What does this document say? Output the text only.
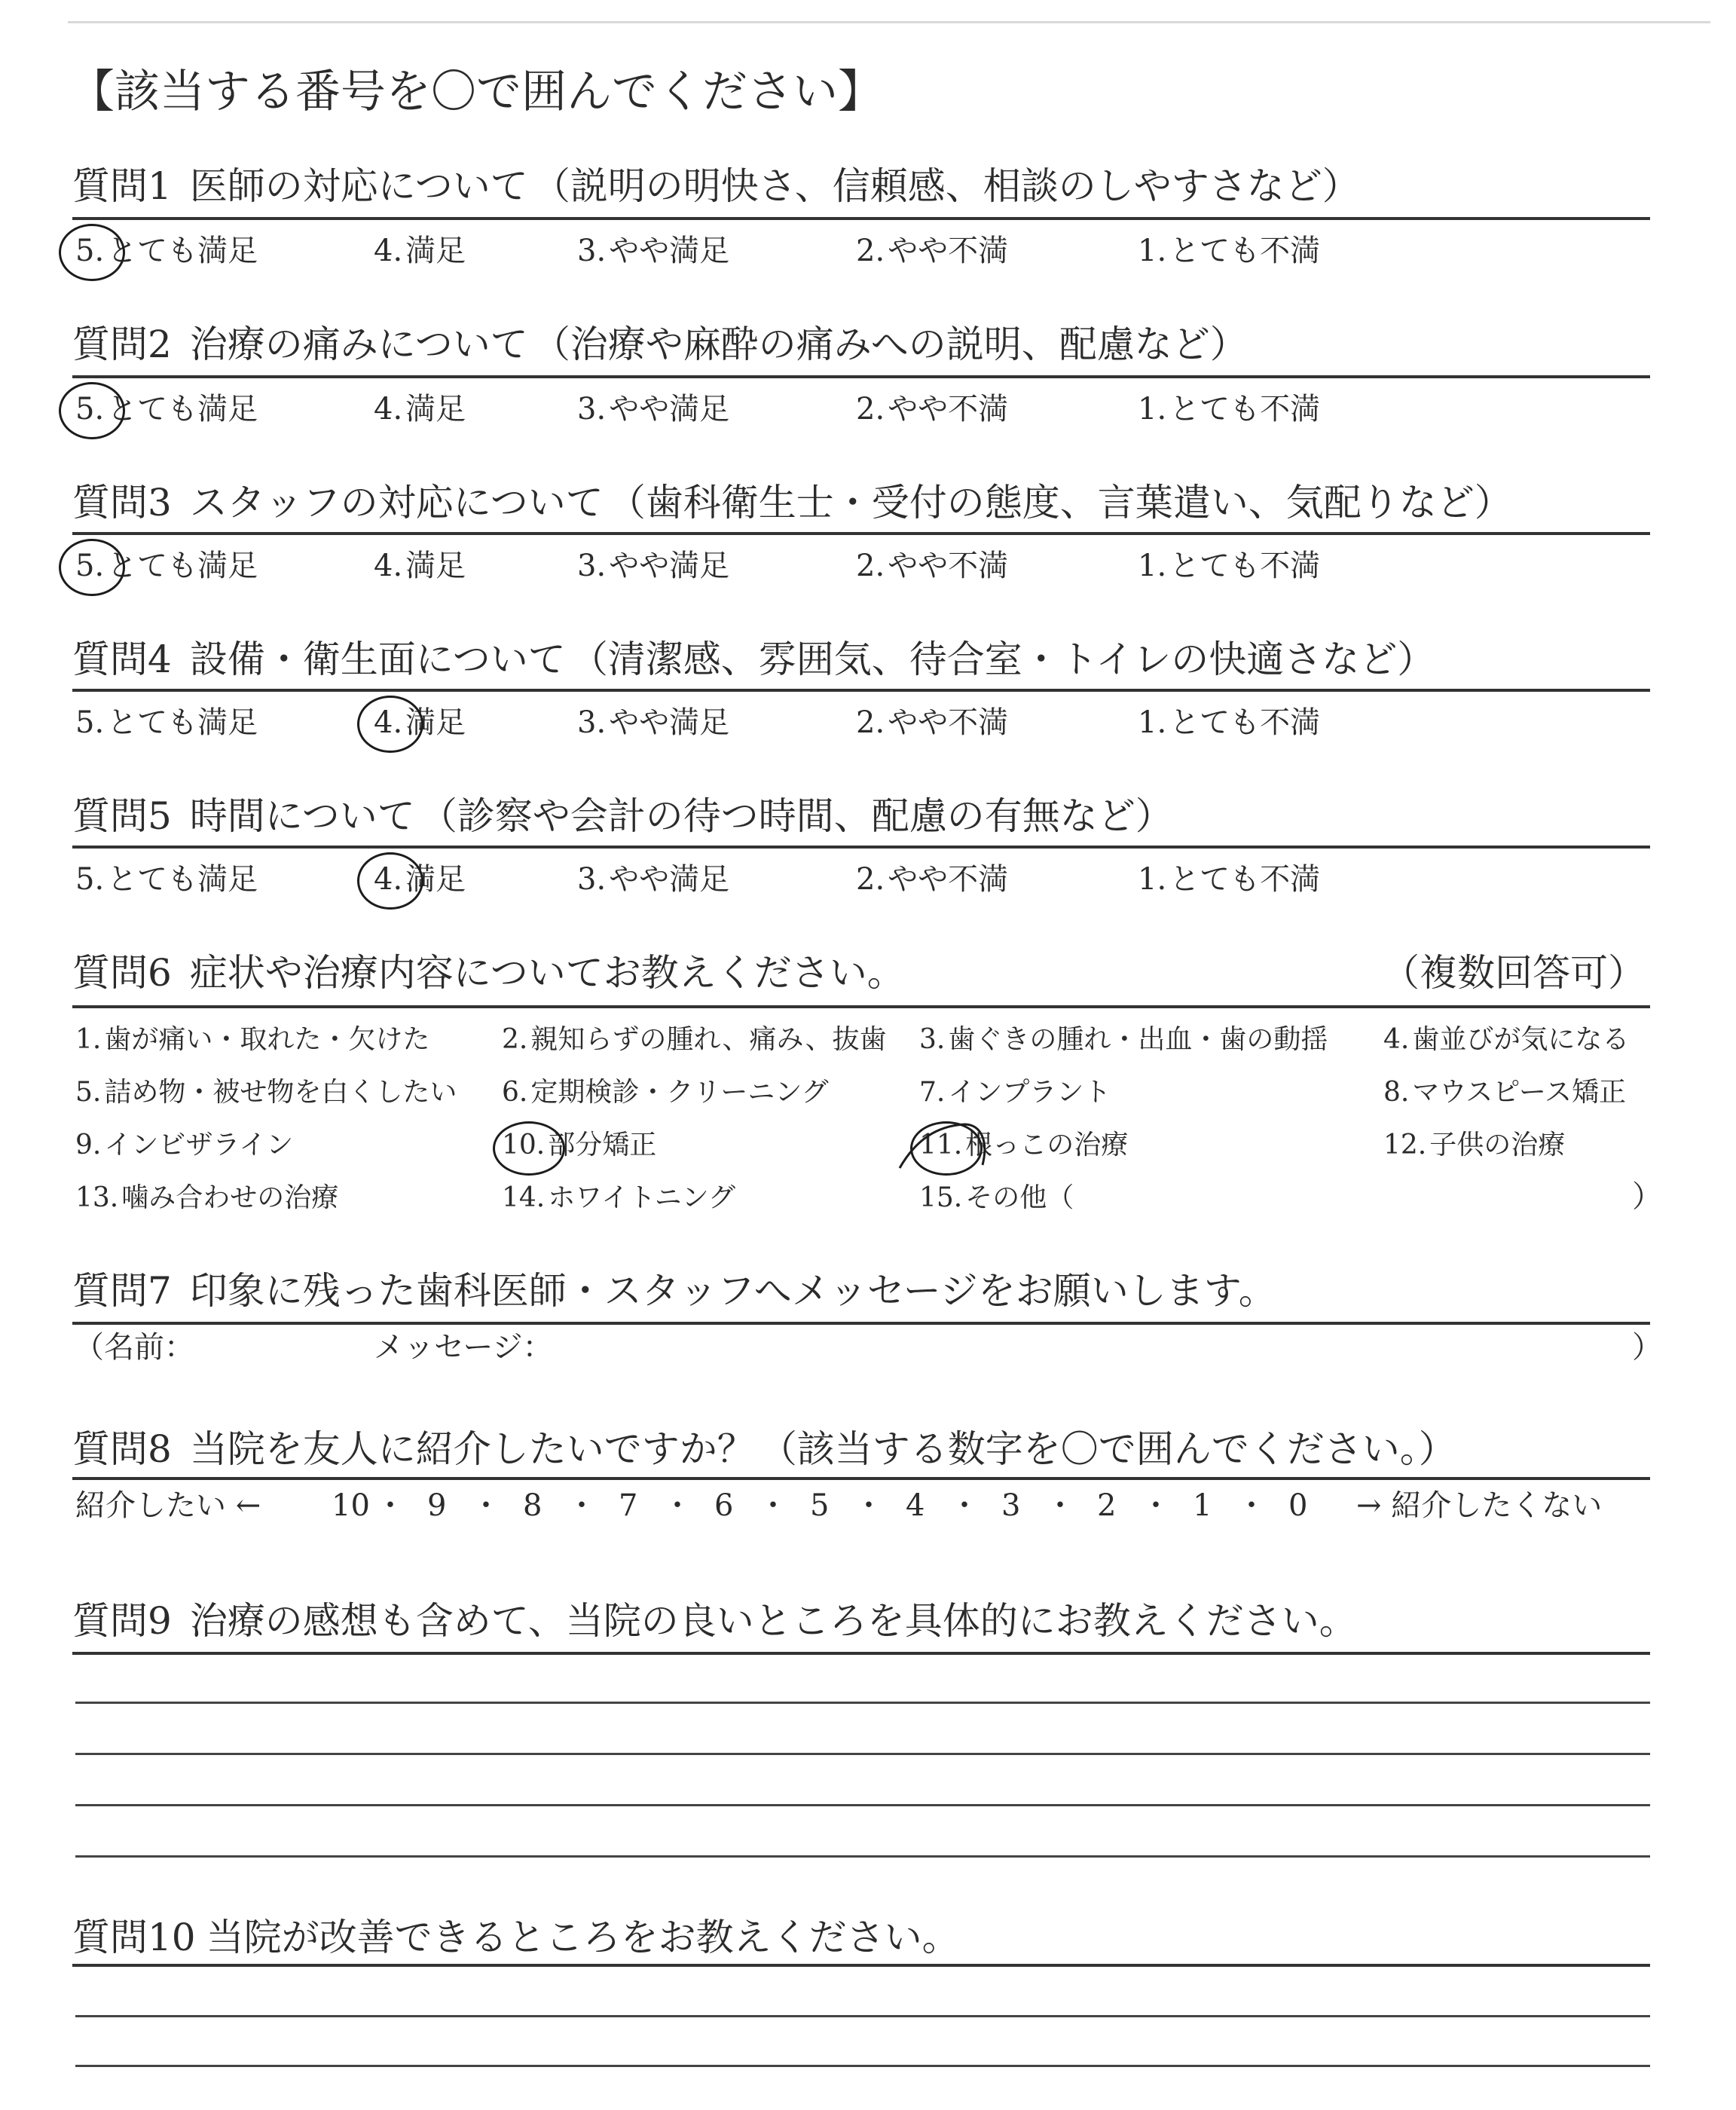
【該当する番号を〇で囲んでください】
質問1 医師の対応について （説明の明快さ、信頼感、相談のしやすさなど）
5. とても満足	4. 満足	3. やや満足	2. やや不満	1. とても不満
質問2 治療の痛みについて （治療や麻酔の痛みへの説明、配慮など）
5. とても満足	4. 満足	3. やや満足	2. やや不満	1. とても不満
質問3 スタッフの対応について （歯科衛生士・受付の態度、言葉遣い、気配りなど）
5. とても満足	4. 満足	3. やや満足	2. やや不満	1. とても不満
質問4 設備・衛生面について （清潔感、雰囲気、待合室・トイレの快適さなど）
5. とても満足	4. 満足	3. やや満足	2. やや不満	1. とても不満
質問5 時間について （診察や会計の待つ時間、配慮の有無など）
5. とても満足	4. 満足	3. やや満足	2. やや不満	1. とても不満
質問6 症状や治療内容についてお教えください。	（複数回答可）
1. 歯が痛い・取れた・欠けた	2. 親知らずの腫れ、痛み、抜歯 3. 歯ぐきの腫れ・出血・歯の動揺 4. 歯並びが気になる
5. 詰め物・被せ物を白くしたい 6. 定期検診・クリーニング	7. インプラント	8. マウスピース矯正
9. インビザライン	10. 部分矯正	11. 根っこの治療	12. 子供の治療
13. 噛み合わせの治療	14. ホワイトニング	15. その他（	）
質問7 印象に残った歯科医師・スタッフへメッセージをお願いします。
（名前：	メッセージ：	）
質問8 当院を友人に紹介したいですか？ （該当する数字を〇で囲んでください。）
紹介したい ←	→ 紹介したくない
10 ・ 9 ・ 8 ・ 7 ・ 6 ・ 5 ・ 4 ・ 3 ・ 2 ・ 1 ・ 0
質問9 治療の感想も含めて、当院の良いところを具体的にお教えください。
質問10 当院が改善できるところをお教えください。
